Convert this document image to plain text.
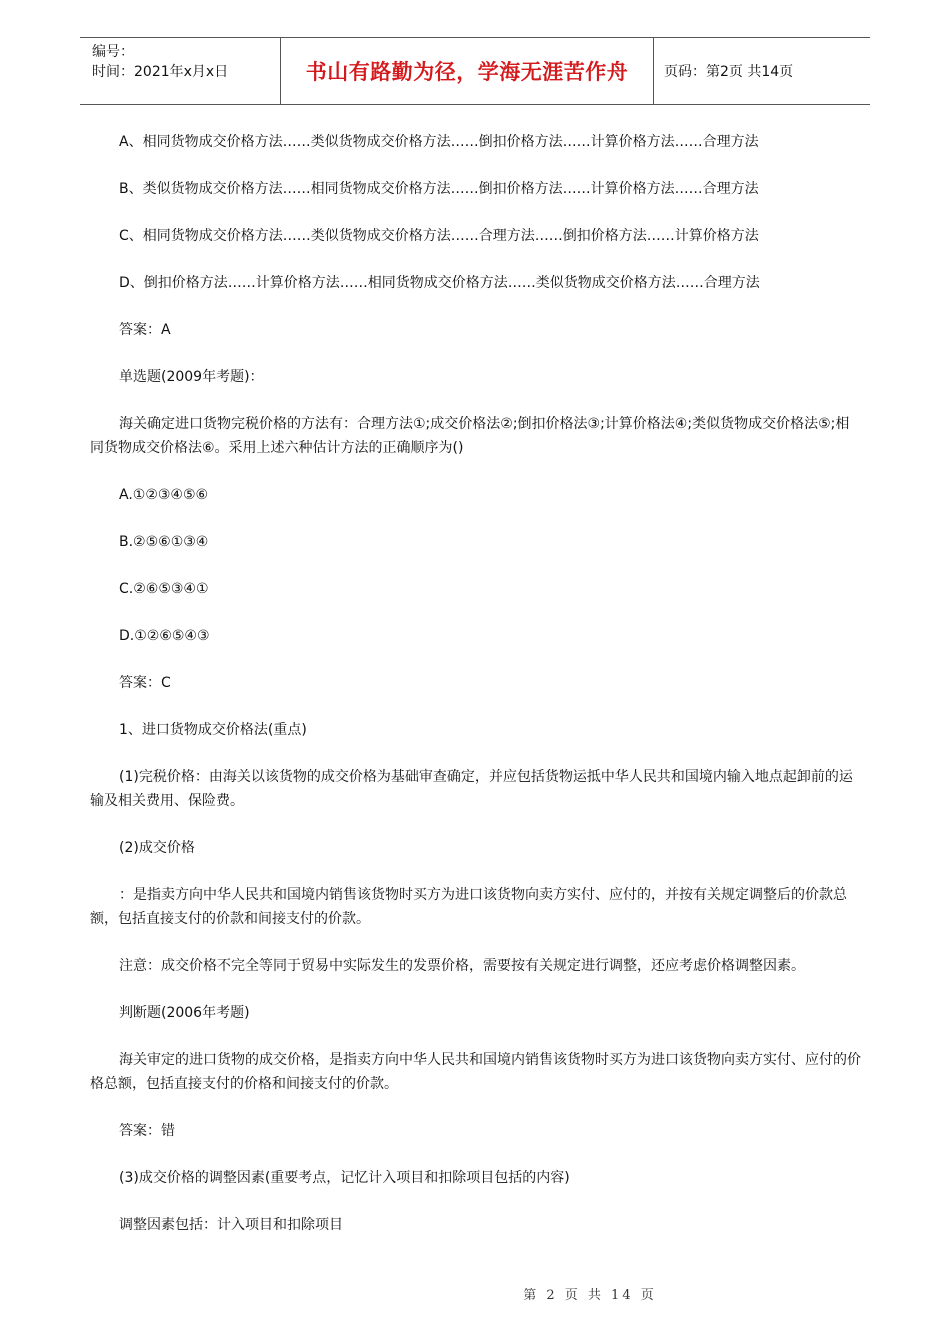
编号：
时间：2021年x月x日	书山有路勤为径，学海无涯苦作舟	页码：第2页 共14页

A、相同货物成交价格方法……类似货物成交价格方法……倒扣价格方法……计算价格方法……合理方法

B、类似货物成交价格方法……相同货物成交价格方法……倒扣价格方法……计算价格方法……合理方法

C、相同货物成交价格方法……类似货物成交价格方法……合理方法……倒扣价格方法……计算价格方法

D、倒扣价格方法……计算价格方法……相同货物成交价格方法……类似货物成交价格方法……合理方法

答案：A

单选题(2009年考题)：

海关确定进口货物完税价格的方法有：合理方法①;成交价格法②;倒扣价格法③;计算价格法④;类似货物成交价格法⑤;相同货物成交价格法⑥。采用上述六种估计方法的正确顺序为()

A.①②③④⑤⑥

B.②⑤⑥①③④

C.②⑥⑤③④①

D.①②⑥⑤④③

答案：C

1、进口货物成交价格法(重点)

(1)完税价格：由海关以该货物的成交价格为基础审查确定，并应包括货物运抵中华人民共和国境内输入地点起卸前的运输及相关费用、保险费。

(2)成交价格

：是指卖方向中华人民共和国境内销售该货物时买方为进口该货物向卖方实付、应付的，并按有关规定调整后的价款总额，包括直接支付的价款和间接支付的价款。

注意：成交价格不完全等同于贸易中实际发生的发票价格，需要按有关规定进行调整，还应考虑价格调整因素。

判断题(2006年考题)

海关审定的进口货物的成交价格，是指卖方向中华人民共和国境内销售该货物时买方为进口该货物向卖方实付、应付的价格总额，包括直接支付的价格和间接支付的价款。

答案：错

(3)成交价格的调整因素(重要考点，记忆计入项目和扣除项目包括的内容)

调整因素包括：计入项目和扣除项目

第 2 页 共 14 页
